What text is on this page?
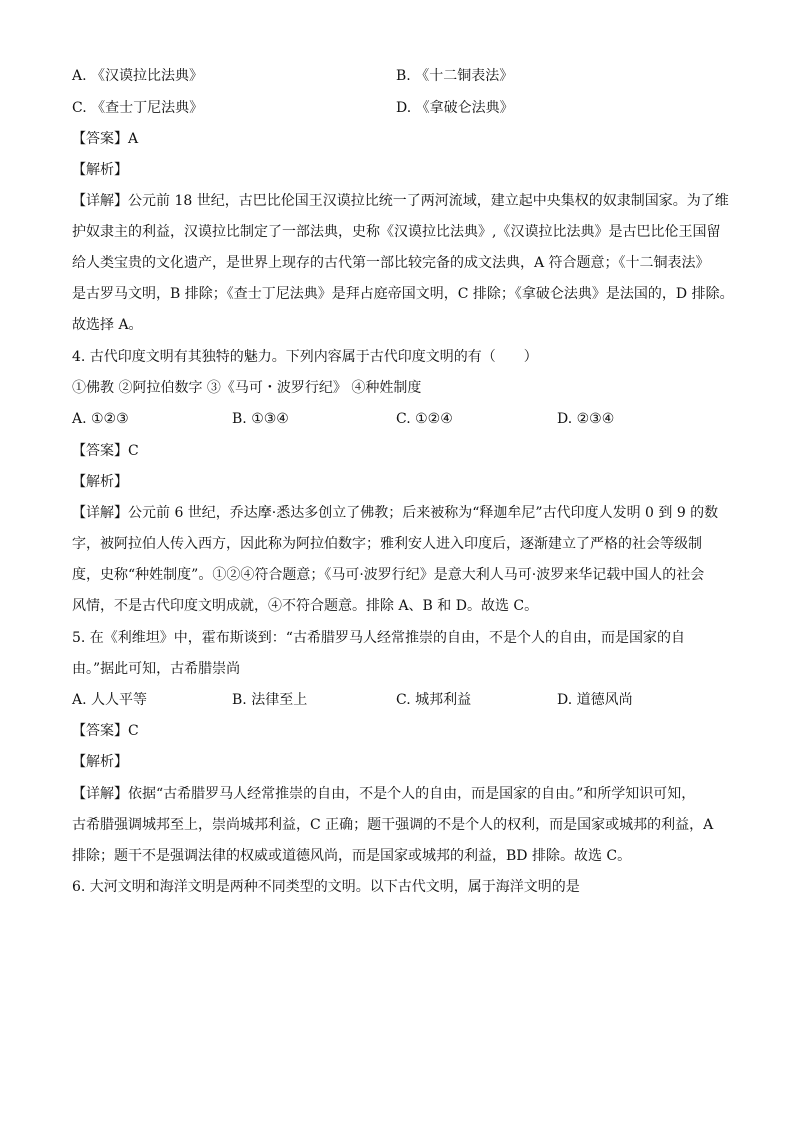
A. 《汉谟拉比法典》	B. 《十二铜表法》
C. 《查士丁尼法典》	D. 《拿破仑法典》
【答案】A
【解析】
【详解】公元前 18 世纪，古巴比伦国王汉谟拉比统一了两河流域，建立起中央集权的奴隶制国家。为了维
护奴隶主的利益，汉谟拉比制定了一部法典，史称《汉谟拉比法典》,《汉谟拉比法典》是古巴比伦王国留
给人类宝贵的文化遗产，是世界上现存的古代第一部比较完备的成文法典，A 符合题意；《十二铜表法》
是古罗马文明，B 排除；《查士丁尼法典》是拜占庭帝国文明，C 排除；《拿破仑法典》是法国的，D 排除。
故选择 A。
4. 古代印度文明有其独特的魅力。下列内容属于古代印度文明的有（　　）
①佛教 ②阿拉伯数字 ③《马可・波罗行纪》 ④种姓制度
A. ①②③	B. ①③④	C. ①②④	D. ②③④
【答案】C
【解析】
【详解】公元前 6 世纪，乔达摩·悉达多创立了佛教；后来被称为“释迦牟尼”古代印度人发明 0 到 9 的数
字，被阿拉伯人传入西方，因此称为阿拉伯数字；雅利安人进入印度后，逐渐建立了严格的社会等级制
度，史称“种姓制度”。①②④符合题意；《马可·波罗行纪》是意大利人马可·波罗来华记载中国人的社会
风情，不是古代印度文明成就，④不符合题意。排除 A、B 和 D。故选 C。
5. 在《利维坦》中，霍布斯谈到：“古希腊罗马人经常推崇的自由，不是个人的自由，而是国家的自
由。”据此可知，古希腊崇尚
A. 人人平等	B. 法律至上	C. 城邦利益	D. 道德风尚
【答案】C
【解析】
【详解】依据“古希腊罗马人经常推崇的自由，不是个人的自由，而是国家的自由。”和所学知识可知，
古希腊强调城邦至上，崇尚城邦利益，C 正确；题干强调的不是个人的权利，而是国家或城邦的利益，A
排除；题干不是强调法律的权威或道德风尚，而是国家或城邦的利益，BD 排除。故选 C。
6. 大河文明和海洋文明是两种不同类型的文明。以下古代文明，属于海洋文明的是
